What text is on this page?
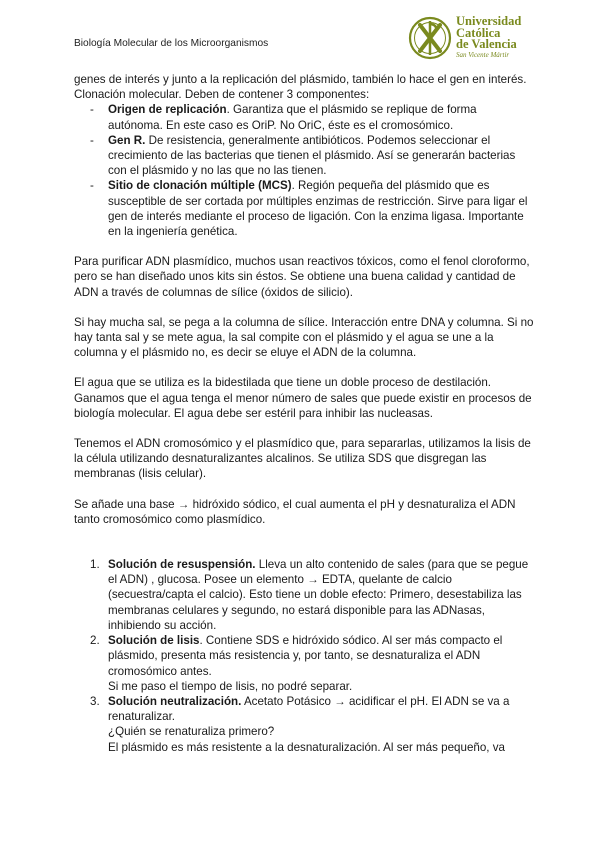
Biología Molecular de los Microorganismos
Universidad
Católica
de Valencia
San Vicente Mártir

genes de interés y junto a la replicación del plásmido, también lo hace el gen en interés. Clonación molecular. Deben de contener 3 componentes:

- Origen de replicación. Garantiza que el plásmido se replique de forma autónoma. En este caso es OriP. No OriC, éste es el cromosómico.
- Gen R. De resistencia, generalmente antibióticos. Podemos seleccionar el crecimiento de las bacterias que tienen el plásmido. Así se generarán bacterias con el plásmido y no las que no las tienen.
- Sitio de clonación múltiple (MCS). Región pequeña del plásmido que es susceptible de ser cortada por múltiples enzimas de restricción. Sirve para ligar el gen de interés mediante el proceso de ligación. Con la enzima ligasa. Importante en la ingeniería genética.

Para purificar ADN plasmídico, muchos usan reactivos tóxicos, como el fenol cloroformo, pero se han diseñado unos kits sin éstos. Se obtiene una buena calidad y cantidad de ADN a través de columnas de sílice (óxidos de silicio).

Si hay mucha sal, se pega a la columna de sílice. Interacción entre DNA y columna. Si no hay tanta sal y se mete agua, la sal compite con el plásmido y el agua se une a la columna y el plásmido no, es decir se eluye el ADN de la columna.

El agua que se utiliza es la bidestilada que tiene un doble proceso de destilación. Ganamos que el agua tenga el menor número de sales que puede existir en procesos de biología molecular. El agua debe ser estéril para inhibir las nucleasas.

Tenemos el ADN cromosómico y el plasmídico que, para separarlas, utilizamos la lisis de la célula utilizando desnaturalizantes alcalinos. Se utiliza SDS que disgregan las membranas (lisis celular).

Se añade una base → hidróxido sódico, el cual aumenta el pH y desnaturaliza el ADN tanto cromosómico como plasmídico.

1. Solución de resuspensión. Lleva un alto contenido de sales (para que se pegue el ADN) , glucosa. Posee un elemento → EDTA, quelante de calcio (secuestra/capta el calcio). Esto tiene un doble efecto: Primero, desestabiliza las membranas celulares y segundo, no estará disponible para las ADNasas, inhibiendo su acción.
2. Solución de lisis. Contiene SDS e hidróxido sódico. Al ser más compacto el plásmido, presenta más resistencia y, por tanto, se desnaturaliza el ADN cromosómico antes.
Si me paso el tiempo de lisis, no podré separar.
3. Solución neutralización. Acetato Potásico → acidificar el pH. El ADN se va a renaturalizar.
¿Quién se renaturaliza primero?
El plásmido es más resistente a la desnaturalización. Al ser más pequeño, va
